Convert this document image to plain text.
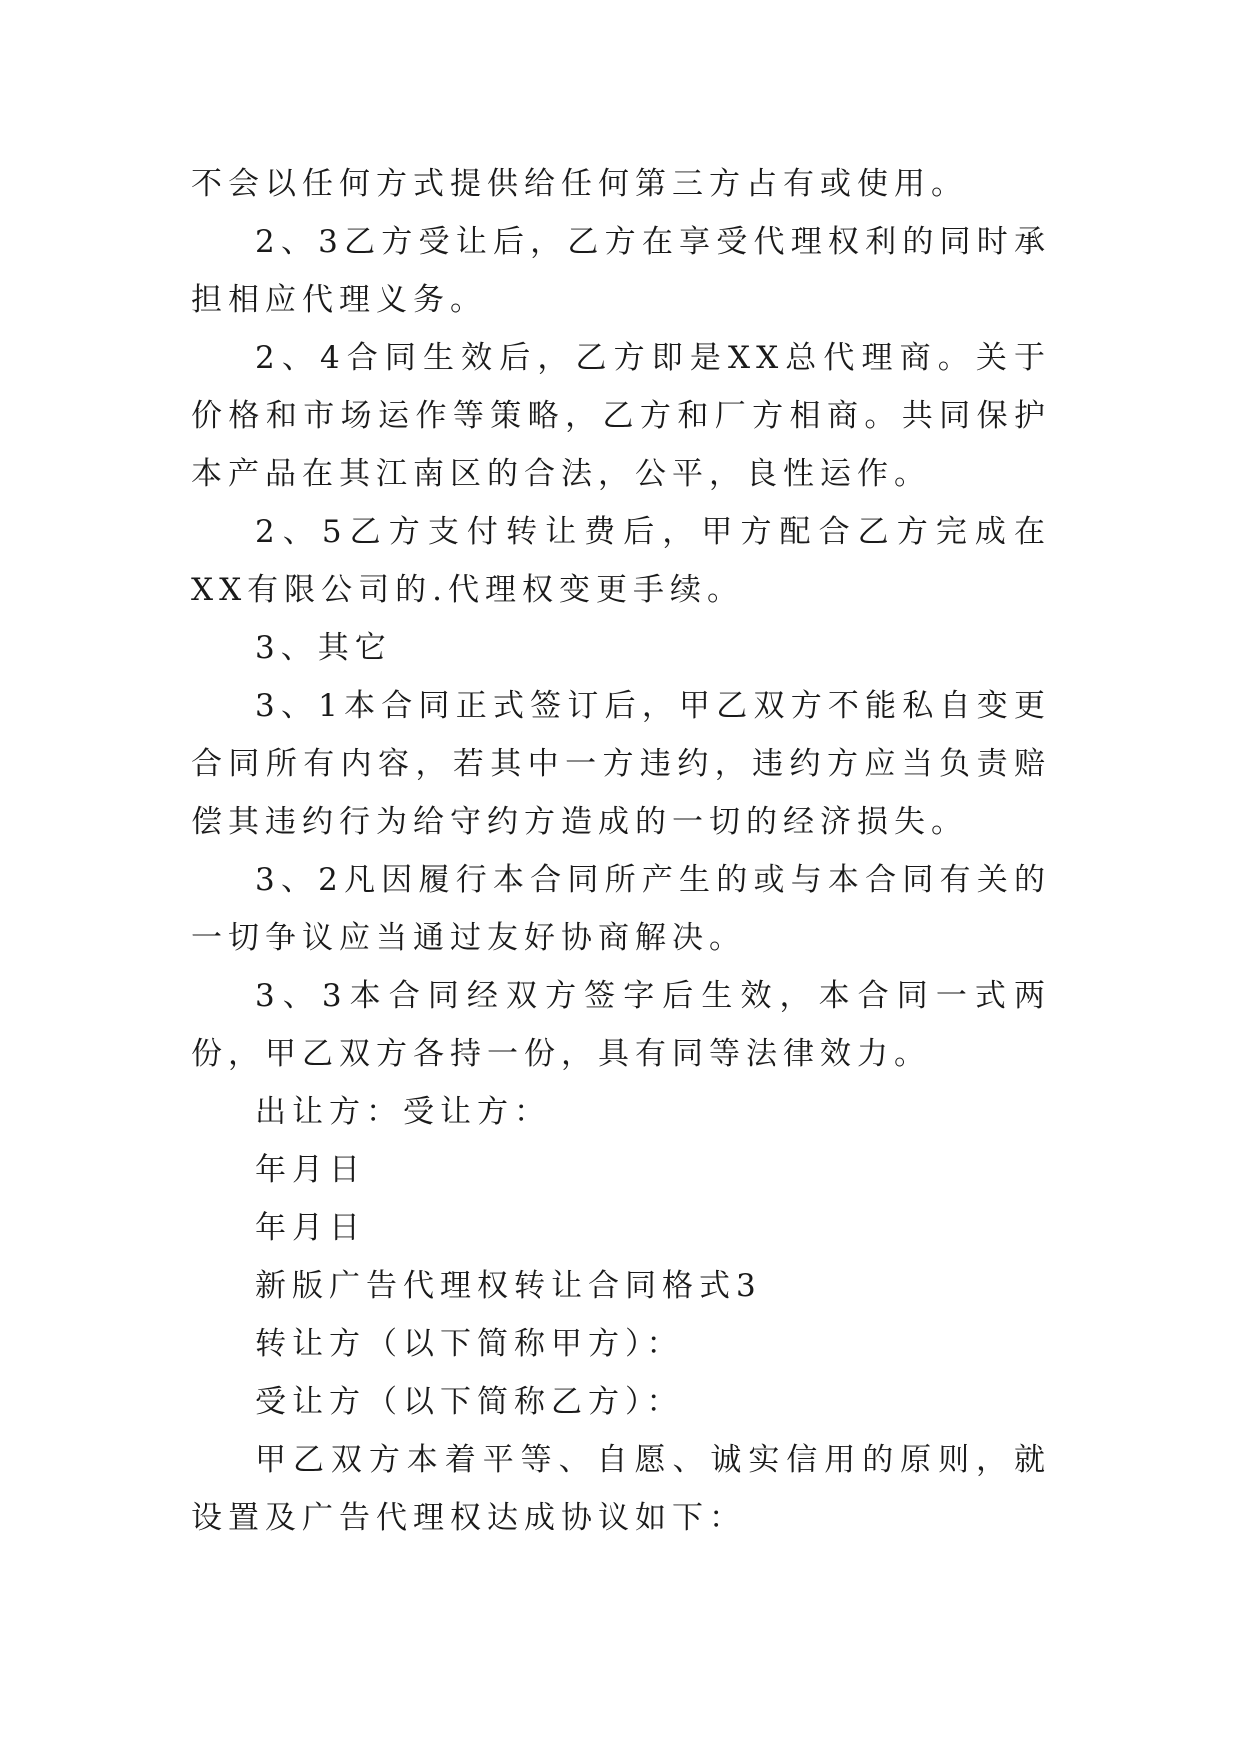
不会以任何方式提供给任何第三方占有或使用。

2、3乙方受让后，乙方在享受代理权利的同时承担相应代理义务。

2、4合同生效后，乙方即是XX总代理商。关于价格和市场运作等策略，乙方和厂方相商。共同保护本产品在其江南区的合法，公平，良性运作。

2、5乙方支付转让费后，甲方配合乙方完成在XX有限公司的.代理权变更手续。

3、其它

3、1本合同正式签订后，甲乙双方不能私自变更合同所有内容，若其中一方违约，违约方应当负责赔偿其违约行为给守约方造成的一切的经济损失。

3、2凡因履行本合同所产生的或与本合同有关的一切争议应当通过友好协商解决。

3、3本合同经双方签字后生效，本合同一式两份，甲乙双方各持一份，具有同等法律效力。

出让方：受让方：

年月日

年月日

新版广告代理权转让合同格式3

转让方（以下简称甲方）：

受让方（以下简称乙方）：

甲乙双方本着平等、自愿、诚实信用的原则，就 设置及广告代理权达成协议如下：
